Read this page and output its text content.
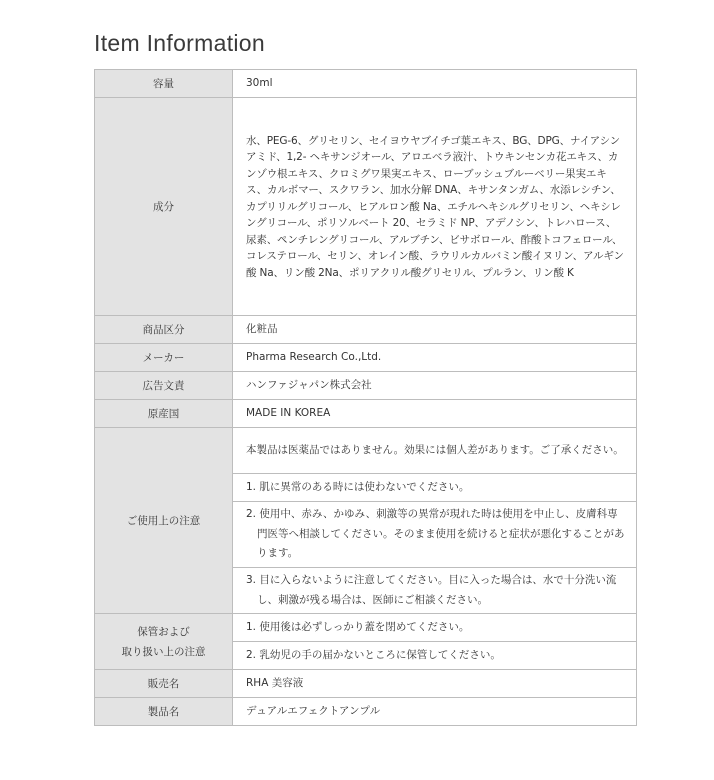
Item Information
容量	30ml
成分	水、PEG-6、グリセリン、セイヨウヤブイチゴ葉エキス、BG、DPG、ナイアシンアミド、1,2- ヘキサンジオール、アロエベラ液汁、トウキンセンカ花エキス、カンゾウ根エキス、クロミグワ果実エキス、ローブッシュブルーベリー果実エキス、カルボマー、スクワラン、加水分解 DNA、キサンタンガム、水添レシチン、カプリリルグリコール、ヒアルロン酸 Na、エチルヘキシルグリセリン、ヘキシレングリコール、ポリソルベート 20、セラミド NP、アデノシン、トレハロース、尿素、ペンチレングリコール、アルブチン、ビサボロール、酢酸トコフェロール、コレステロール、セリン、オレイン酸、ラウリルカルバミン酸イヌリン、アルギン酸 Na、リン酸 2Na、ポリアクリル酸グリセリル、プルラン、リン酸 K
商品区分	化粧品
メーカー	Pharma Research Co.,Ltd.
広告文責	ハンファジャパン株式会社
原産国	MADE IN KOREA
ご使用上の注意	本製品は医薬品ではありません。効果には個人差があります。ご了承ください。

	1. 肌に異常のある時には使わないでください。

	2. 使用中、赤み、かゆみ、刺激等の異常が現れた時は使用を中止し、皮膚科専門医等へ相談してください。そのまま使用を続けると症状が悪化することがあります。

	3. 目に入らないように注意してください。目に入った場合は、水で十分洗い流し、刺激が残る場合は、医師にご相談ください。

保管および
取り扱い上の注意	1. 使用後は必ずしっかり蓋を閉めてください。
	2. 乳幼児の手の届かないところに保管してください。
販売名	RHA 美容液
製品名	デュアルエフェクトアンプル
